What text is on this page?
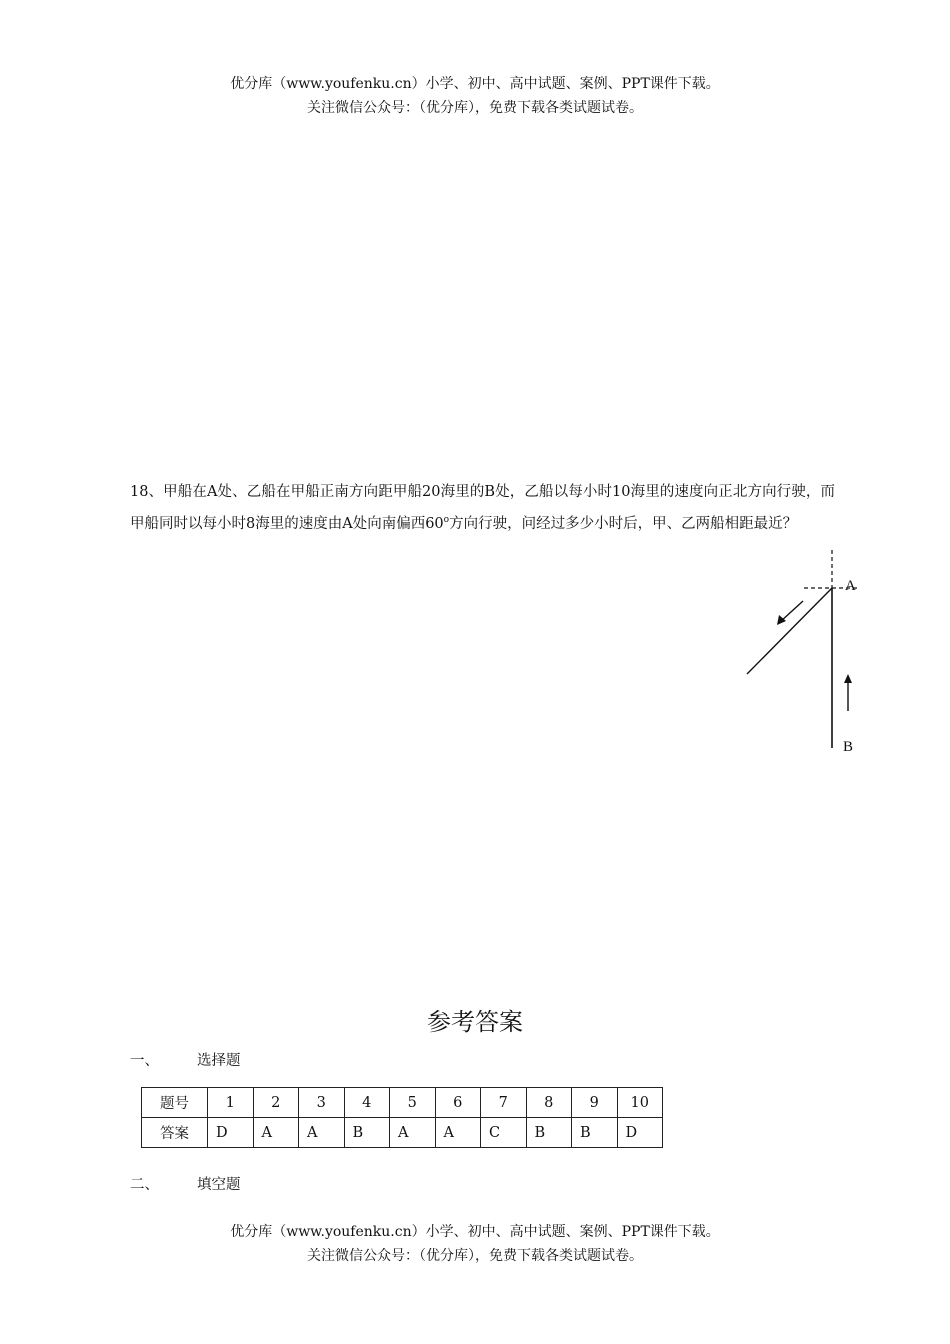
优分库（www.youfenku.cn）小学、初中、高中试题、案例、PPT课件下载。
关注微信公众号：（优分库），免费下载各类试题试卷。
18、甲船在A处、乙船在甲船正南方向距甲船20海里的B处，乙船以每小时10海里的速度向正北方向行驶，而甲船同时以每小时8海里的速度由A处向南偏西60$^o$方向行驶，问经过多少小时后，甲、乙两船相距最近？
A
B
参考答案
一、	选择题
题号	1	2	3	4	5	6	7	8	9	10
答案	D	A	A	B	A	A	C	B	B	D
二、	填空题
优分库（www.youfenku.cn）小学、初中、高中试题、案例、PPT课件下载。
关注微信公众号：（优分库），免费下载各类试题试卷。
